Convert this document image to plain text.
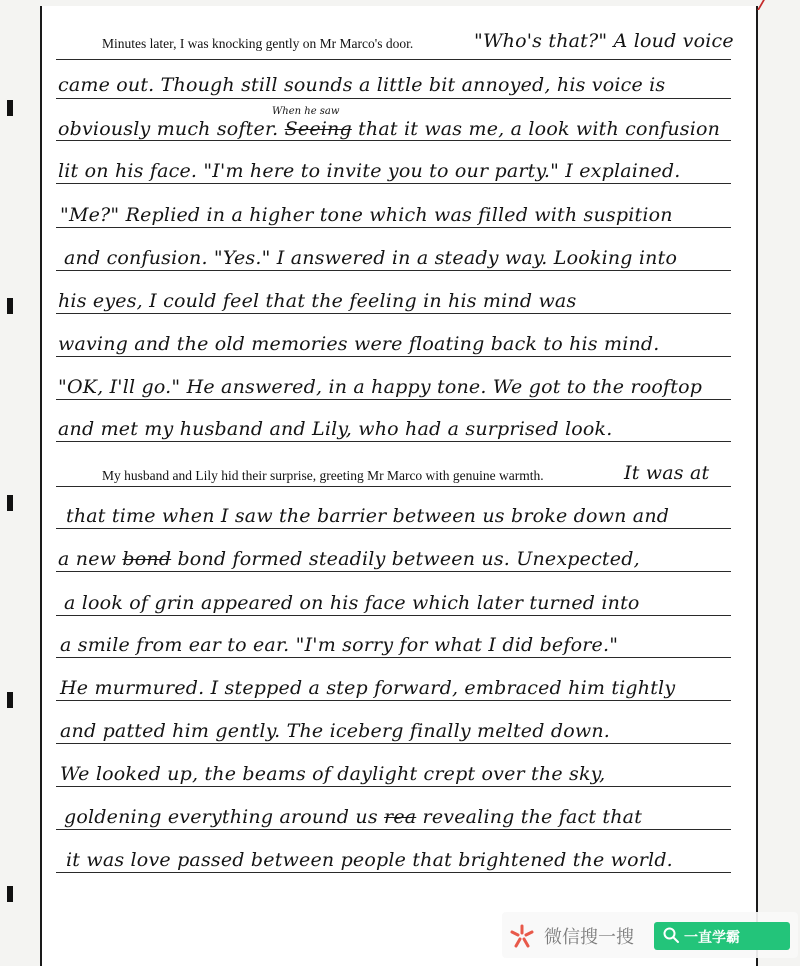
Minutes later, I was knocking gently on Mr Marco's door.	"Who's that?" A loud voice
came out. Though still sounds a little bit annoyed, his voice is
When he saw
obviously much softer. Seeing that it was me, a look with confusion
lit on his face. "I'm here to invite you to our party." I explained.
"Me?" Replied in a higher tone which was filled with suspition
and confusion. "Yes." I answered in a steady way. Looking into
his eyes, I could feel that the feeling in his mind was
waving and the old memories were floating back to his mind.
"OK, I'll go." He answered, in a happy tone. We got to the rooftop
and met my husband and Lily, who had a surprised look.
My husband and Lily hid their surprise, greeting Mr Marco with genuine warmth.	It was at
that time when I saw the barrier between us broke down and
a new bond bond formed steadily between us. Unexpected,
a look of grin appeared on his face which later turned into
a smile from ear to ear. "I'm sorry for what I did before."
He murmured. I stepped a step forward, embraced him tightly
and patted him gently. The iceberg finally melted down.
We looked up, the beams of daylight crept over the sky,
goldening everything around us rea revealing the fact that
it was love passed between people that brightened the world.
微信搜一搜	一直学霸
